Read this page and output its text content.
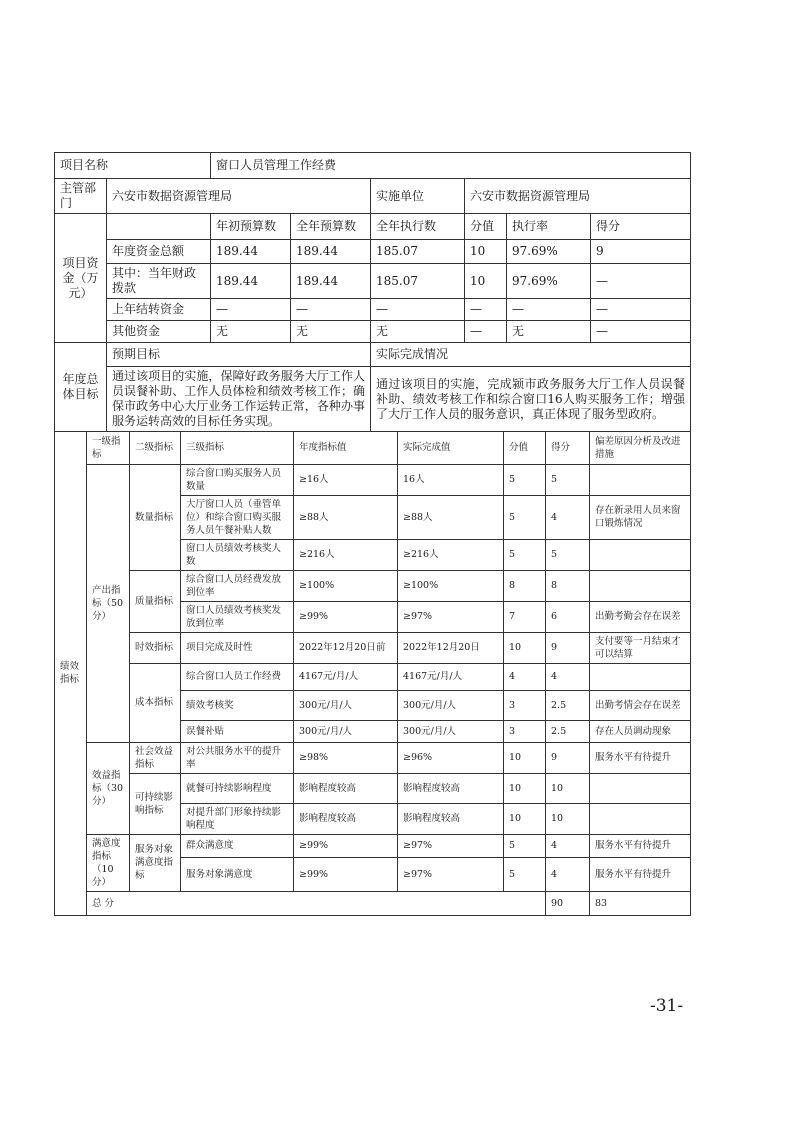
项目名称		窗口人员管理工作经费					
主管部门	六安市数据资源管理局			实施单位	六安市数据资源管理局		
项目资金（万元）		年初预算数	全年预算数	全年执行数	分值	执行率	得分
	年度资金总额	189.44	189.44	185.07	10	97.69%	9
	其中：当年财政拨款	189.44	189.44	185.07	10	97.69%	—
	上年结转资金	—	—	—	—	—	—
	其他资金	无	无	无	—	无	—
年度总体目标	预期目标			实际完成情况			
	通过该项目的实施，保障好政务服务大厅工作人员误餐补助、工作人员体检和绩效考核工作；确保市政务中心大厅业务工作运转正常，各种办事服务运转高效的目标任务实现。			通过该项目的实施，完成颍市政务服务大厅工作人员误餐补助、绩效考核工作和综合窗口16人购买服务工作；增强了大厅工作人员的服务意识，真正体现了服务型政府。			
绩效指标	一级指标	二级指标	三级指标	年度指标值	实际完成值	分值	得分	偏差原因分析及改进措施	
	产出指标（50分）	数量指标	综合窗口购买服务人员数量	≥16人	16人	5	5		
			大厅窗口人员（垂管单位）和综合窗口购买服务人员午餐补贴人数	≥88人	≥88人	5	4	存在新录用人员来窗口锻炼情况	
			窗口人员绩效考核奖人数	≥216人	≥216人	5	5		
		质量指标	综合窗口人员经费发放到位率	≥100%	≥100%	8	8		
			窗口人员绩效考核奖发放到位率	≥99%	≥97%	7	6	出勤考勤会存在误差	
		时效指标	项目完成及时性	2022年12月20日前	2022年12月20日	10	9	支付要等一月结束才可以结算	
		成本指标	综合窗口人员工作经费	4167元/月/人	4167元/月/人	4	4		
			绩效考核奖	300元/月/人	300元/月/人	3	2.5	出勤考情会存在误差	
			误餐补贴	300元/月/人	300元/月/人	3	2.5	存在人员调动现象	
	效益指标（30分）	社会效益指标	对公共服务水平的提升率	≥98%	≥96%	10	9	服务水平有待提升	
		可持续影响指标	就餐可持续影响程度	影响程度较高	影响程度较高	10	10		
			对提升部门形象持续影响程度	影响程度较高	影响程度较高	10	10		
	满意度指标（10分）	服务对象满意度指标	群众满意度	≥99%	≥97%	5	4	服务水平有待提升	
			服务对象满意度	≥99%	≥97%	5	4	服务水平有待提升	
	总 分						90	83	
-31-
